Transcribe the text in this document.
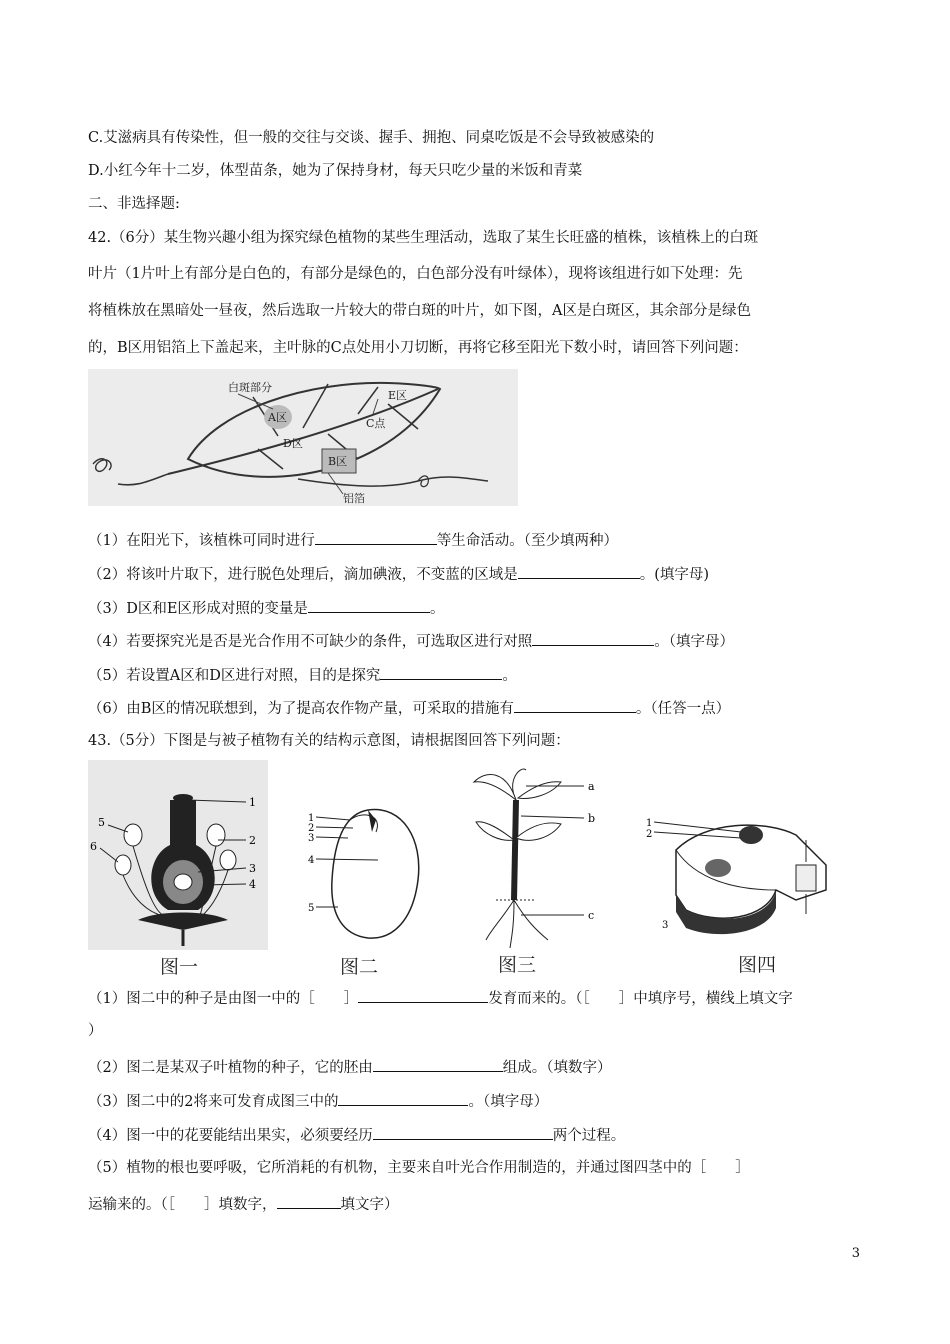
C.艾滋病具有传染性，但一般的交往与交谈、握手、拥抱、同桌吃饭是不会导致被感染的
D.小红今年十二岁，体型苗条，她为了保持身材，每天只吃少量的米饭和青菜
二、非选择题:
42.（6分）某生物兴趣小组为探究绿色植物的某些生理活动，选取了某生长旺盛的植株，该植株上的白斑
叶片（1片叶上有部分是白色的，有部分是绿色的，白色部分没有叶绿体），现将该组进行如下处理：先
将植株放在黑暗处一昼夜，然后选取一片较大的带白斑的叶片，如下图，A区是白斑区，其余部分是绿色
的，B区用铝箔上下盖起来，主叶脉的C点处用小刀切断，再将它移至阳光下数小时，请回答下列问题：
白斑部分
A区
D区
B区
E区
C点
铝箔
（1）在阳光下，该植株可同时进行	等生命活动。（至少填两种）
（2）将该叶片取下，进行脱色处理后，滴加碘液，不变蓝的区域是	。(填字母)
（3）D区和E区形成对照的变量是	。
（4）若要探究光是否是光合作用不可缺少的条件，可选取区进行对照	。（填字母）
（5）若设置A区和D区进行对照，目的是探究	。
（6）由B区的情况联想到，为了提高农作物产量，可采取的措施有	。（任答一点）
43.（5分）下图是与被子植物有关的结构示意图，请根据图回答下列问题：
1
2
3
4
5
6
1
2
3
4
5
a
b
c
1
2
3
图一	图二	图三	图四
（1）图二中的种子是由图一中的［　　］	发育而来的。（［　　］中填序号，横线上填文字
）
（2）图二是某双子叶植物的种子，它的胚由	组成。（填数字）
（3）图二中的2将来可发育成图三中的	。（填字母）
（4）图一中的花要能结出果实，必须要经历	两个过程。
（5）植物的根也要呼吸，它所消耗的有机物，主要来自叶光合作用制造的，并通过图四茎中的［　　］
运输来的。（［　　］填数字，	填文字）
3
